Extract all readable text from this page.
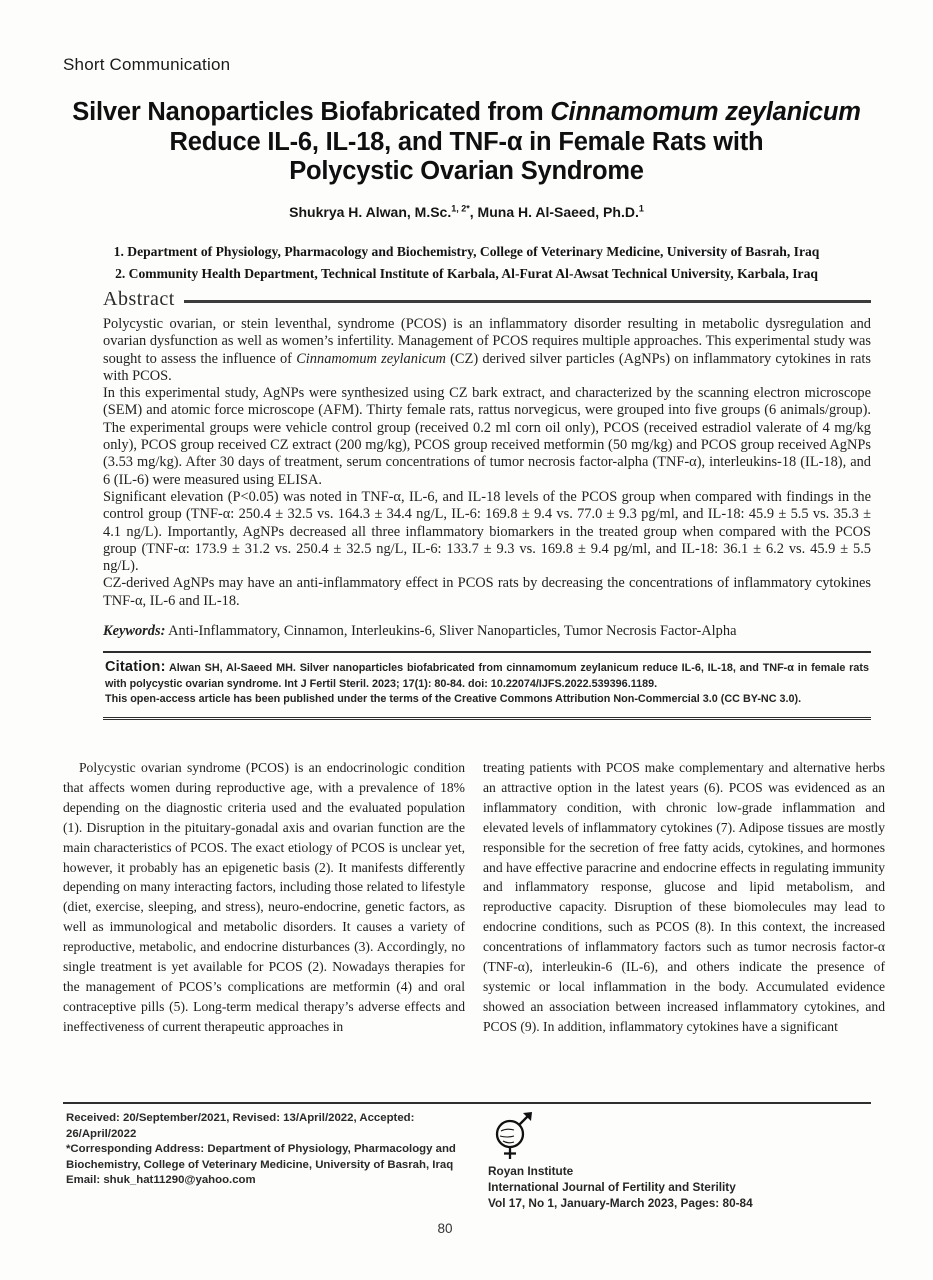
Short Communication
Silver Nanoparticles Biofabricated from Cinnamomum zeylanicum
Reduce IL-6, IL-18, and TNF-α in Female Rats with
Polycystic Ovarian Syndrome
Shukrya H. Alwan, M.Sc.$^{1, 2*}$, Muna H. Al-Saeed, Ph.D.$^1$
1. Department of Physiology, Pharmacology and Biochemistry, College of Veterinary Medicine, University of Basrah, Iraq
2. Community Health Department, Technical Institute of Karbala, Al-Furat Al-Awsat Technical University, Karbala, Iraq
Abstract

Polycystic ovarian, or stein leventhal, syndrome (PCOS) is an inflammatory disorder resulting in metabolic dysregulation and ovarian dysfunction as well as women’s infertility. Management of PCOS requires multiple approaches. This experimental study was sought to assess the influence of Cinnamomum zeylanicum (CZ) derived silver particles (AgNPs) on inflammatory cytokines in rats with PCOS.

In this experimental study, AgNPs were synthesized using CZ bark extract, and characterized by the scanning electron microscope (SEM) and atomic force microscope (AFM). Thirty female rats, rattus norvegicus, were grouped into five groups (6 animals/group). The experimental groups were vehicle control group (received 0.2 ml corn oil only), PCOS (received estradiol valerate of 4 mg/kg only), PCOS group received CZ extract (200 mg/kg), PCOS group received metformin (50 mg/kg) and PCOS group received AgNPs (3.53 mg/kg). After 30 days of treatment, serum concentrations of tumor necrosis factor-alpha (TNF-α), interleukins-18 (IL-18), and 6 (IL-6) were measured using ELISA.

Significant elevation (P<0.05) was noted in TNF-α, IL-6, and IL-18 levels of the PCOS group when compared with findings in the control group (TNF-α: 250.4 ± 32.5 vs. 164.3 ± 34.4 ng/L, IL-6: 169.8 ± 9.4 vs. 77.0 ± 9.3 pg/ml, and IL-18: 45.9 ± 5.5 vs. 35.3 ± 4.1 ng/L). Importantly, AgNPs decreased all three inflammatory biomarkers in the treated group when compared with the PCOS group (TNF-α: 173.9 ± 31.2 vs. 250.4 ± 32.5 ng/L, IL-6: 133.7 ± 9.3 vs. 169.8 ± 9.4 pg/ml, and IL-18: 36.1 ± 6.2 vs. 45.9 ± 5.5 ng/L).

CZ-derived AgNPs may have an anti-inflammatory effect in PCOS rats by decreasing the concentrations of inflammatory cytokines TNF-α, IL-6 and IL-18.

Keywords: Anti-Inflammatory, Cinnamon, Interleukins-6, Sliver Nanoparticles, Tumor Necrosis Factor-Alpha

Citation: Alwan SH, Al-Saeed MH. Silver nanoparticles biofabricated from cinnamomum zeylanicum reduce IL-6, IL-18, and TNF-α in female rats with polycystic ovarian syndrome. Int J Fertil Steril. 2023; 17(1): 80-84. doi: 10.22074/IJFS.2022.539396.1189.
This open-access article has been published under the terms of the Creative Commons Attribution Non-Commercial 3.0 (CC BY-NC 3.0).

Polycystic ovarian syndrome (PCOS) is an endocrinologic condition that affects women during reproductive age, with a prevalence of 18% depending on the diagnostic criteria used and the evaluated population (1). Disruption in the pituitary-gonadal axis and ovarian function are the main characteristics of PCOS. The exact etiology of PCOS is unclear yet, however, it probably has an epigenetic basis (2). It manifests differently depending on many interacting factors, including those related to lifestyle (diet, exercise, sleeping, and stress), neuro-endocrine, genetic factors, as well as immunological and metabolic disorders. It causes a variety of reproductive, metabolic, and endocrine disturbances (3). Accordingly, no single treatment is yet available for PCOS (2). Nowadays therapies for the management of PCOS’s complications are metformin (4) and oral contraceptive pills (5). Long-term medical therapy’s adverse effects and ineffectiveness of current therapeutic approaches in

treating patients with PCOS make complementary and alternative herbs an attractive option in the latest years (6). PCOS was evidenced as an inflammatory condition, with chronic low-grade inflammation and elevated levels of inflammatory cytokines (7). Adipose tissues are mostly responsible for the secretion of free fatty acids, cytokines, and hormones and have effective paracrine and endocrine effects in regulating immunity and inflammatory response, glucose and lipid metabolism, and reproductive capacity. Disruption of these biomolecules may lead to endocrine conditions, such as PCOS (8). In this context, the increased concentrations of inflammatory factors such as tumor necrosis factor-α (TNF-α), interleukin-6 (IL-6), and others indicate the presence of systemic or local inflammation in the body. Accumulated evidence showed an association between increased inflammatory cytokines, and PCOS (9). In addition, inflammatory cytokines have a significant

Received: 20/September/2021, Revised: 13/April/2022, Accepted: 26/April/2022
*Corresponding Address: Department of Physiology, Pharmacology and Biochemistry, College of Veterinary Medicine, University of Basrah, Iraq
Email: shuk_hat11290@yahoo.com
Royan Institute
International Journal of Fertility and Sterility
Vol 17, No 1, January-March 2023, Pages: 80-84
80
